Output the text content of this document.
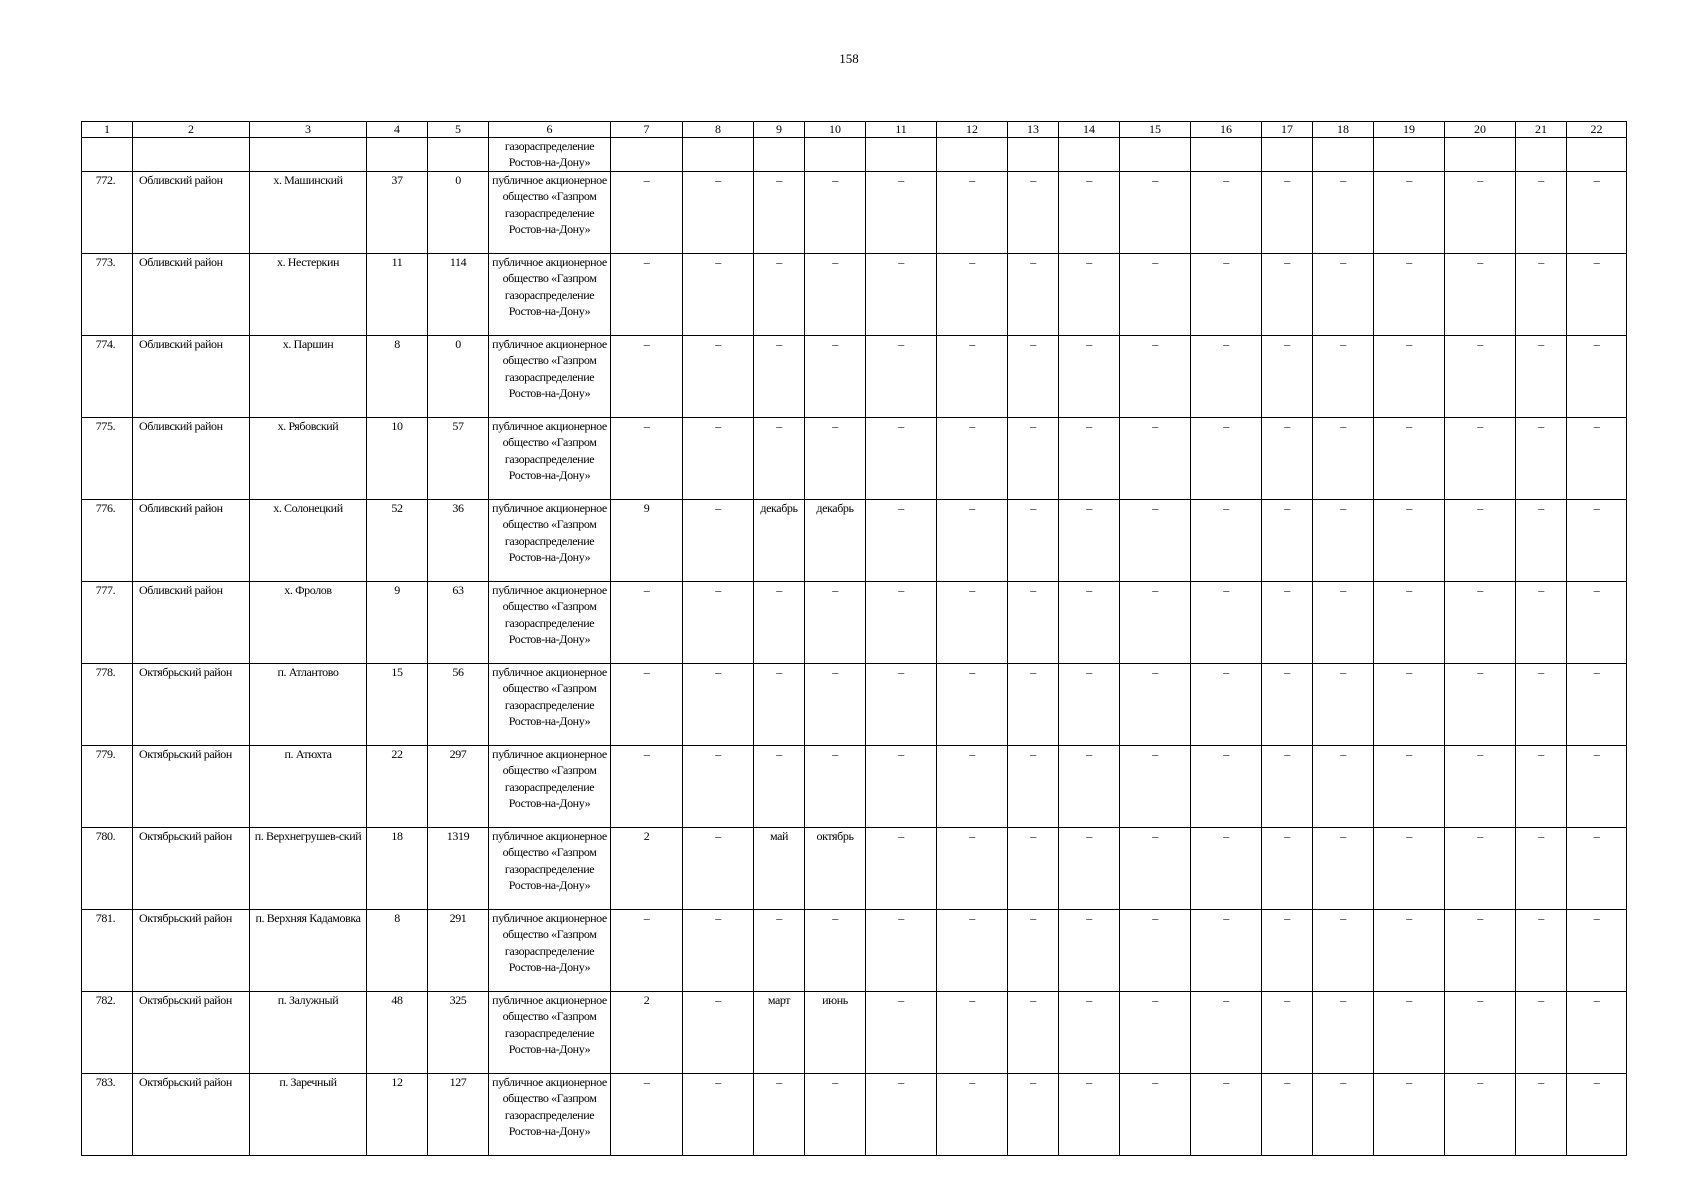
158
1	2	3	4	5	6	7	8	9	10	11	12	13	14	15	16	17	18	19	20	21	22
					газораспределение Ростов-на-Дону»																
772.	Обливский район	х. Машинский	37	0	публичное акционерное общество «Газпром газораспределение Ростов-на-Дону»	–	–	–	–	–	–	–	–	–	–	–	–	–	–	–	–
773.	Обливский район	х. Нестеркин	11	114	публичное акционерное общество «Газпром газораспределение Ростов-на-Дону»	–	–	–	–	–	–	–	–	–	–	–	–	–	–	–	–
774.	Обливский район	х. Паршин	8	0	публичное акционерное общество «Газпром газораспределение Ростов-на-Дону»	–	–	–	–	–	–	–	–	–	–	–	–	–	–	–	–
775.	Обливский район	х. Рябовский	10	57	публичное акционерное общество «Газпром газораспределение Ростов-на-Дону»	–	–	–	–	–	–	–	–	–	–	–	–	–	–	–	–
776.	Обливский район	х. Солонецкий	52	36	публичное акционерное общество «Газпром газораспределение Ростов-на-Дону»	9	–	декабрь	декабрь	–	–	–	–	–	–	–	–	–	–	–	–
777.	Обливский район	х. Фролов	9	63	публичное акционерное общество «Газпром газораспределение Ростов-на-Дону»	–	–	–	–	–	–	–	–	–	–	–	–	–	–	–	–
778.	Октябрьский район	п. Атлантово	15	56	публичное акционерное общество «Газпром газораспределение Ростов-на-Дону»	–	–	–	–	–	–	–	–	–	–	–	–	–	–	–	–
779.	Октябрьский район	п. Атюхта	22	297	публичное акционерное общество «Газпром газораспределение Ростов-на-Дону»	–	–	–	–	–	–	–	–	–	–	–	–	–	–	–	–
780.	Октябрьский район	п. Верхнегрушев-ский	18	1319	публичное акционерное общество «Газпром газораспределение Ростов-на-Дону»	2	–	май	октябрь	–	–	–	–	–	–	–	–	–	–	–	–
781.	Октябрьский район	п. Верхняя Кадамовка	8	291	публичное акционерное общество «Газпром газораспределение Ростов-на-Дону»	–	–	–	–	–	–	–	–	–	–	–	–	–	–	–	–
782.	Октябрьский район	п. Залужный	48	325	публичное акционерное общество «Газпром газораспределение Ростов-на-Дону»	2	–	март	июнь	–	–	–	–	–	–	–	–	–	–	–	–
783.	Октябрьский район	п. Заречный	12	127	публичное акционерное общество «Газпром газораспределение Ростов-на-Дону»	–	–	–	–	–	–	–	–	–	–	–	–	–	–	–	–
